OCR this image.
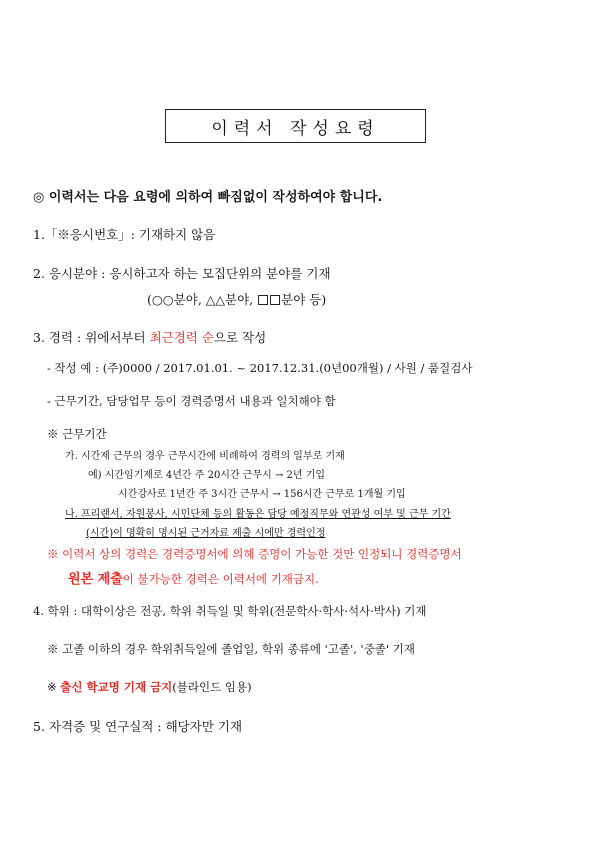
이력서 작성요령
◎ 이력서는 다음 요령에 의하여 빠짐없이 작성하여야 합니다.
1.「※응시번호」: 기재하지 않음
2. 응시분야 : 응시하고자 하는 모집단위의 분야를 기재
(○○분야, △△분야, 분야 등)
3. 경력 : 위에서부터 최근경력 순으로 작성
- 작성 예 : (주)0000 / 2017.01.01. ~ 2017.12.31.(0년00개월) / 사원 / 품질검사
- 근무기간, 담당업무 등이 경력증명서 내용과 일치해야 함
※ 근무기간
가. 시간제 근무의 경우 근무시간에 비례하여 경력의 일부로 기재
예) 시간임기제로 4년간 주 20시간 근무시 → 2년 기입
시간강사로 1년간 주 3시간 근무시 → 156시간 근무로 1개월 기입
나. 프리랜서, 자원봉사, 시민단체 등의 활동은 담당 예정직무와 연관성 여부 및 근무 기간
(시간)이 명확히 명시된 근거자료 제출 시에만 경력인정
※ 이력서 상의 경력은 경력증명서에 의해 증명이 가능한 것만 인정되니 경력증명서
원본 제출이 불가능한 경력은 이력서에 기재금지.
4. 학위 : 대학이상은 전공, 학위 취득일 및 학위(전문학사·학사·석사·박사) 기재
※ 고졸 이하의 경우 학위취득일에 졸업일, 학위 종류에 '고졸', '중졸' 기재
※ 출신 학교명 기재 금지(블라인드 임용)
5. 자격증 및 연구실적 : 해당자만 기재
